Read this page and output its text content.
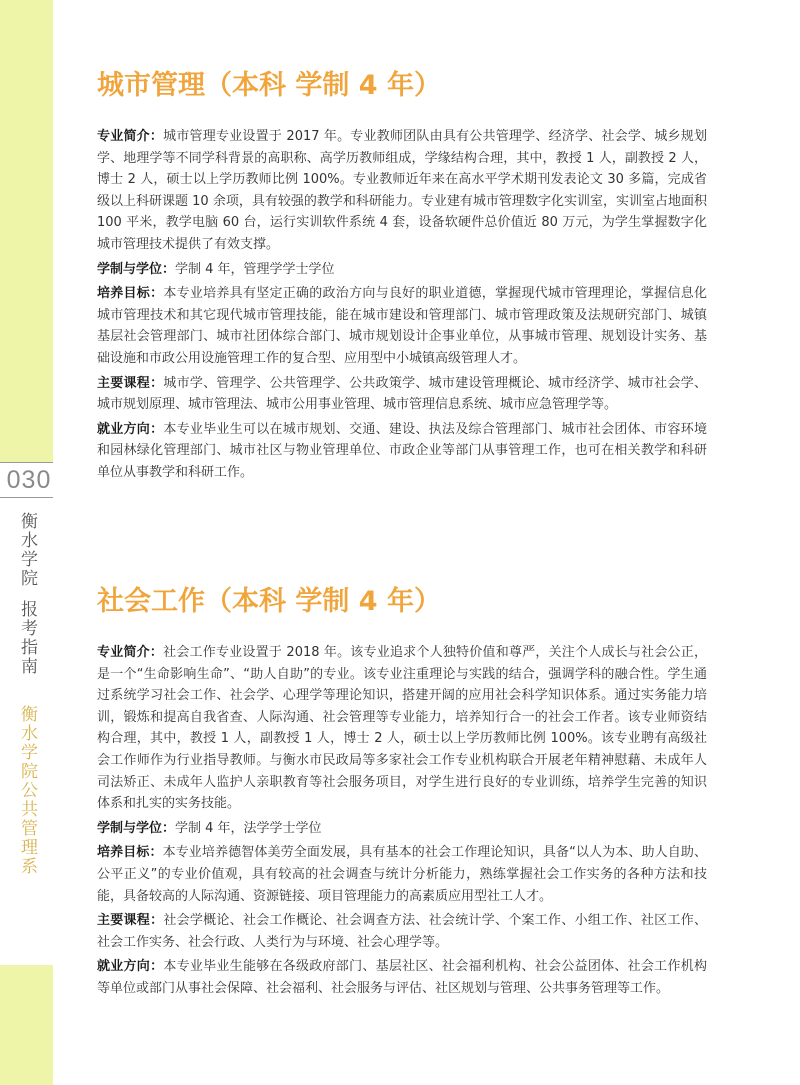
030
衡水学院
报考指南
衡水学院公共管理系
城市管理（本科 学制 4 年）

专业简介：城市管理专业设置于 2017 年。专业教师团队由具有公共管理学、经济学、社会学、城乡规划学、地理学等不同学科背景的高职称、高学历教师组成，学缘结构合理，其中，教授 1 人，副教授 2 人，博士 2 人，硕士以上学历教师比例 100%。专业教师近年来在高水平学术期刊发表论文 30 多篇，完成省级以上科研课题 10 余项，具有较强的教学和科研能力。专业建有城市管理数字化实训室，实训室占地面积 100 平米，教学电脑 60 台，运行实训软件系统 4 套，设备软硬件总价值近 80 万元，为学生掌握数字化城市管理技术提供了有效支撑。

学制与学位：学制 4 年，管理学学士学位

培养目标：本专业培养具有坚定正确的政治方向与良好的职业道德，掌握现代城市管理理论，掌握信息化城市管理技术和其它现代城市管理技能，能在城市建设和管理部门、城市管理政策及法规研究部门、城镇基层社会管理部门、城市社团体综合部门、城市规划设计企事业单位，从事城市管理、规划设计实务、基础设施和市政公用设施管理工作的复合型、应用型中小城镇高级管理人才。

主要课程：城市学、管理学、公共管理学、公共政策学、城市建设管理概论、城市经济学、城市社会学、城市规划原理、城市管理法、城市公用事业管理、城市管理信息系统、城市应急管理学等。

就业方向：本专业毕业生可以在城市规划、交通、建设、执法及综合管理部门、城市社会团体、市容环境和园林绿化管理部门、城市社区与物业管理单位、市政企业等部门从事管理工作，也可在相关教学和科研单位从事教学和科研工作。

社会工作（本科 学制 4 年）

专业简介：社会工作专业设置于 2018 年。该专业追求个人独特价值和尊严，关注个人成长与社会公正，是一个“生命影响生命”、“助人自助”的专业。该专业注重理论与实践的结合，强调学科的融合性。学生通过系统学习社会工作、社会学、心理学等理论知识，搭建开阔的应用社会科学知识体系。通过实务能力培训，锻炼和提高自我省查、人际沟通、社会管理等专业能力，培养知行合一的社会工作者。该专业师资结构合理，其中，教授 1 人，副教授 1 人，博士 2 人，硕士以上学历教师比例 100%。该专业聘有高级社会工作师作为行业指导教师。与衡水市民政局等多家社会工作专业机构联合开展老年精神慰藉、未成年人司法矫正、未成年人监护人亲职教育等社会服务项目，对学生进行良好的专业训练，培养学生完善的知识体系和扎实的实务技能。

学制与学位：学制 4 年，法学学士学位

培养目标：本专业培养德智体美劳全面发展，具有基本的社会工作理论知识，具备“以人为本、助人自助、公平正义”的专业价值观，具有较高的社会调查与统计分析能力，熟练掌握社会工作实务的各种方法和技能，具备较高的人际沟通、资源链接、项目管理能力的高素质应用型社工人才。

主要课程：社会学概论、社会工作概论、社会调查方法、社会统计学、个案工作、小组工作、社区工作、社会工作实务、社会行政、人类行为与环境、社会心理学等。

就业方向：本专业毕业生能够在各级政府部门、基层社区、社会福利机构、社会公益团体、社会工作机构等单位或部门从事社会保障、社会福利、社会服务与评估、社区规划与管理、公共事务管理等工作。
